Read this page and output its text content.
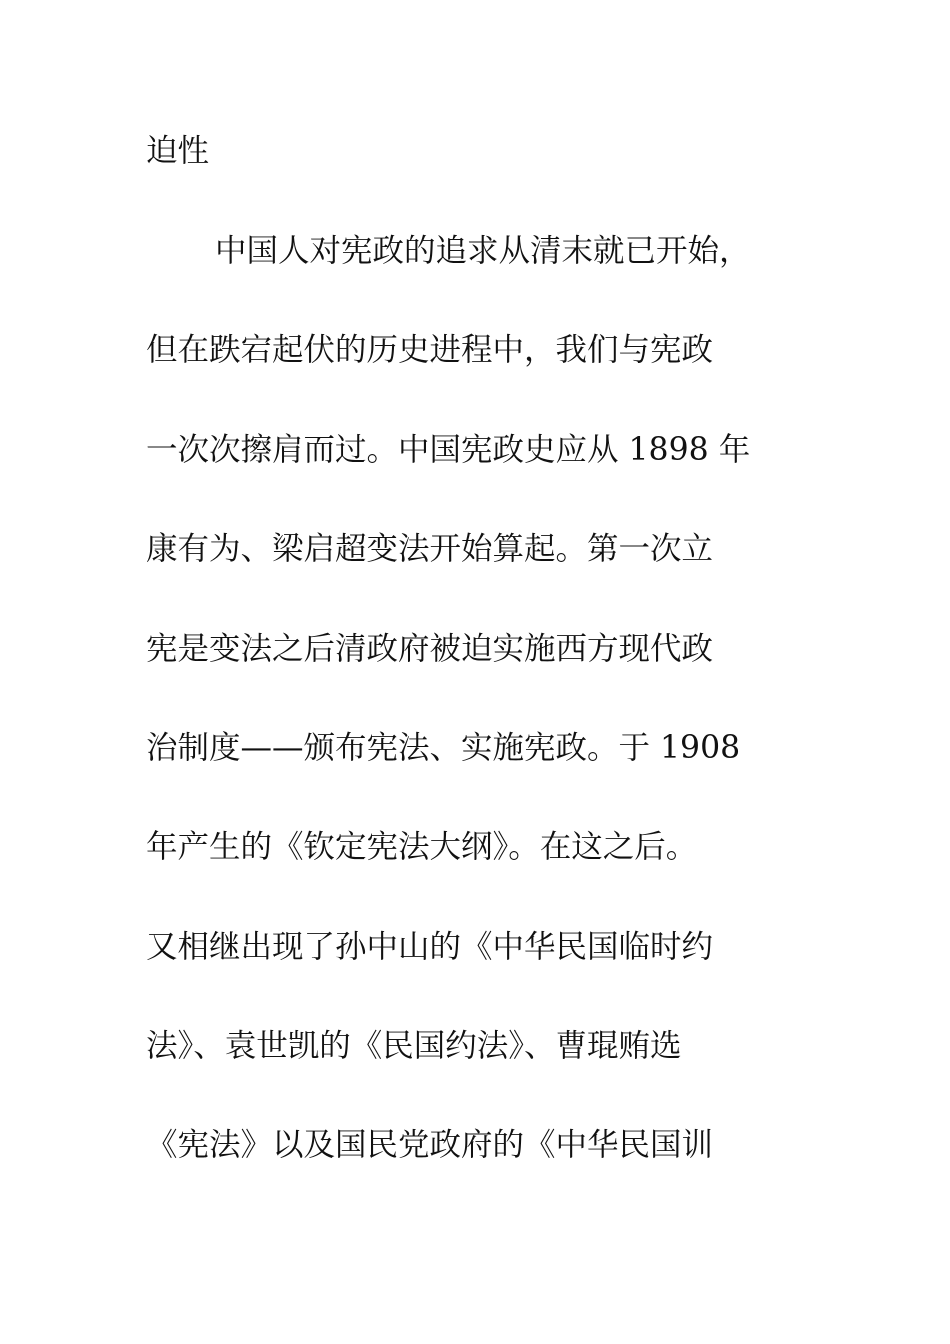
迫性
中国人对宪政的追求从清末就已开始，
但在跌宕起伏的历史进程中，我们与宪政
一次次擦肩而过。中国宪政史应从 1898 年
康有为、梁启超变法开始算起。第一次立
宪是变法之后清政府被迫实施西方现代政
治制度——颁布宪法、实施宪政。于 1908
年产生的《钦定宪法大纲》。在这之后。
又相继出现了孙中山的《中华民国临时约
法》、袁世凯的《民国约法》、曹琨贿选
《宪法》以及国民党政府的《中华民国训
